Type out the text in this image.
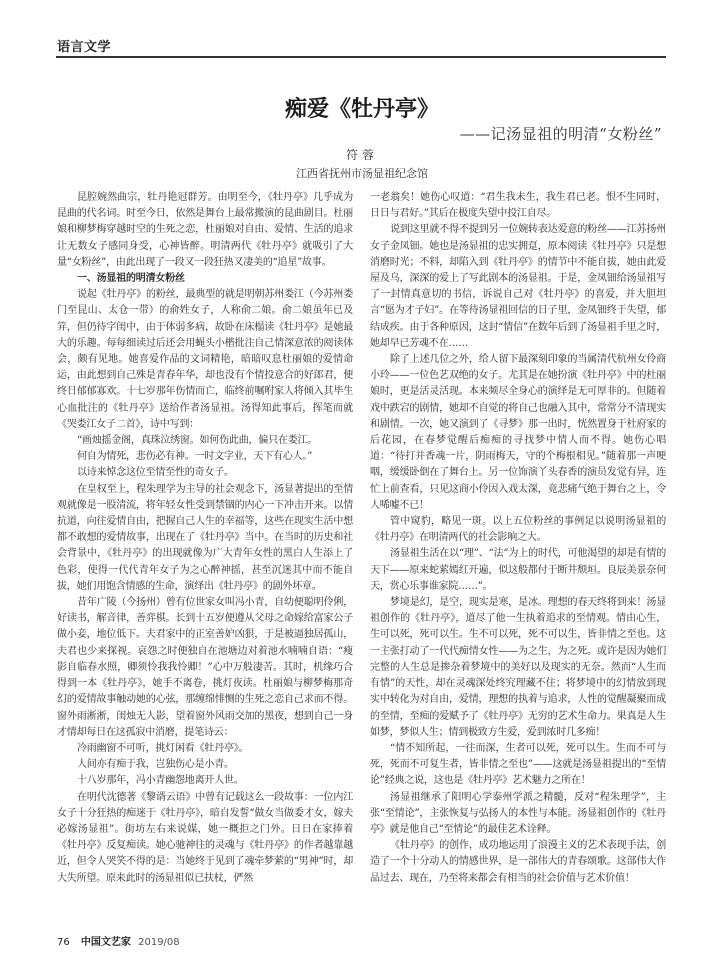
语言文学
痴爱《牡丹亭》
——记汤显祖的明清“女粉丝”
符蓉
江西省抚州市汤显祖纪念馆

昆腔婉然曲宗，牡丹艳冠群芳。由明至今，《牡丹亭》几乎成为昆曲的代名词。时至今日，依然是舞台上最常搬演的昆曲剧目。杜丽娘和柳梦梅穿越时空的生死之恋，杜丽娘对自由、爱情、生活的追求让无数女子感同身受，心神皆醉。明清两代《牡丹亭》就吸引了大量“女粉丝”，由此出现了一段又一段狂热又凄美的“追星”故事。

一、汤显祖的明清女粉丝

说起《牡丹亭》的粉丝，最典型的就是明朝苏州娄江（今苏州娄门至昆山、太仓一带）的俞姓女子，人称俞二娘。俞二娘虽年已及笄，但仍待字闺中，由于体弱多病，故卧在床榻读《牡丹亭》是她最大的乐趣。每每细读过后还会用蝇头小楷批注自己情深意浓的阅读体会，颇有见地。她喜爱作品的文词精艳，暗暗叹息杜丽娘的爱情命运，由此想到自己殊是青春年华，却也没有个情投意合的好郎君，便终日郁郁寡欢。十七岁那年伤情而亡，临终前嘱咐家人将倾入其毕生心血批注的《牡丹亭》送给作者汤显祖。汤得知此事后，挥笔而就《哭娄江女子二首》，诗中写到：

“画烛摇金阁，真珠泣绣窗。如何伤此曲，偏只在娄江。

何自为情死，悲伤必有神。一时文字业，天下有心人。”

以诗来悼念这位至情至性的奇女子。

在皇权至上，程朱理学为主导的社会观念下，汤显著提出的至情观就像是一股清流，将年轻女性受到禁锢的内心一下冲击开来。以情抗道，向往爱情自由，把握自己人生的幸福等，这些在现实生活中想都不敢想的爱情故事，出现在了《牡丹亭》当中。在当时的历史和社会背景中，《牡丹亭》的出现就像为广大青年女性的黑白人生添上了色彩，使得一代代青年女子为之心醉神摇，甚至沉迷其中而不能自拔，她们用饱含情感的生命，演绎出《牡丹亭》的剧外坏章。

昔年广陵（今扬州）曾有位世家女叫冯小青，自幼便聪明伶俐，好读书，解音律，善弈棋。长到十五岁便遵从父母之命嫁给富家公子做小妾，地位低下。夫君家中的正室善妒凶狠，于是被逼独居孤山，夫君也少来探视。哀怨之时便独自在池塘边对着池水喃喃自语：“瘦影自临春水照，卿须怜我我怜卿！”心中万般凄苦。其时，机缘巧合得到一本《牡丹亭》，她手不离卷，挑灯夜读。杜丽娘与柳梦梅那奇幻的爱情故事触动她的心弦，那缠绵悱恻的生死之恋自己求而不得。窗外雨淅淅，闺烛无人影，望着窗外风雨交加的黑夜，想到自己一身才情却每日在这孤寂中消磨，提笔诗云：

冷雨幽窗不可听，挑灯闲看《牡丹亭》。

人间亦有痴于我，岂独伤心是小青。

十八岁那年，冯小青幽怨地离开人世。

在明代沈德著《黎谞云语》中曾有记载这么一段故事：一位内江女子十分狂热的痴迷于《牡丹亭》，暗自发誓“做女当做委才女，嫁夫必嫁汤显祖”。街坊左右来说媒，她一概拒之门外。日日在家捧着《牡丹亭》反复痴读。她心驰神往的灵魂与《牡丹亭》的作者越靠越近，但令人哭笑不得的是：当她终于见到了魂牵梦萦的“男神”时，却大失所望。原来此时的汤显祖似已扶杖，俨然

一老翁矣！她伤心叹道：“君生我未生，我生君已老。恨不生同时，日日与君好。”其后在极度失望中投江自尽。

说到这里就不得不提到另一位婉转表达爱意的粉丝——江苏扬州女子金凤钿。她也是汤显祖的忠实拥趸，原本阅读《牡丹亭》只是想消磨时光；不料，却陷入到《牡丹亭》的情节中不能自拔，她由此爱屋及乌，深深的爱上了写此剧本的汤显祖。于是，金凤钿给汤显祖写了一封情真意切的书信，诉说自己对《牡丹亭》的喜爱，并大胆坦言“愿为才子妇”。在等待汤显祖回信的日子里，金凤钿终于失望，郁结成疾。由于各种原因，这封“情信”在数年后到了汤显祖手里之时，她却早已芳魂不在……

除了上述几位之外，给人留下最深刻印象的当属清代杭州女伶商小玲——一位色艺双绝的女子。尤其是在她扮演《牡丹亭》中的杜丽娘时，更是活灵活现。本来频尽全身心的演绎是无可厚非的。但随着戏中跌宕的剧情，她却不自觉的将自己也融入其中，常常分不清现实和剧情。一次，她又演到了《寻梦》那一出时，恍然置身于杜府家的后花园，在春梦觉醒后痴痴的寻找梦中情人而不得。她伤心唱道：“待打并香魂一片，阴雨梅天，守的个梅根相见。”随着那一声哽咽，缓缓卧倒在了舞台上。另一位饰演丫头春香的演员发觉有异，连忙上前查看，只见这商小伶因入戏太深，竟悲痛气绝于舞台之上，令人唏嘘不已！

管中窥豹，略见一斑。以上五位粉丝的事例足以说明汤显祖的《牡丹亭》在明清两代的社会影响之大。

汤显祖生活在以“理”、“法”为上的时代，可他渴望的却是有情的天下——原来蛇萦嫣红开遍，似这般都付于断井颓垣。良辰美景奈何天，赏心乐事谁家院……”。

梦境是幻，是空，现实是寒，是冰。理想的春天终将到来！汤显祖创作的《牡丹亭》，道尽了他一生执着追求的至情观。情由心生，生可以死，死可以生。生不可以死，死不可以生，皆非情之至也。这一主张打动了一代代痴情女性——为之生，为之死。或许是因为她们完整的人生总是掺杂着梦境中的美好以及现实的无奈。然而“人生而有情”的天性，却在灵魂深处终究理藏不住；将梦境中的幻情放到现实中转化为对自由，爱情，理想的执着与追求，人性的觉醒凝聚而成的至情，至痴的爱赋予了《牡丹亭》无穷的艺术生命力。果真是人生如梦，梦似人生；情到极致方生爱，爱到浓时几多痴！

“情不知所起，一往而深，生者可以死，死可以生。生而不可与死，死而不可复生者，皆非情之至也”——这就是汤显祖提出的“至情论”经典之说，这也是《牡丹亭》艺术魅力之所在！

汤显祖继承了阳明心学泰州学派之精髓，反对“程朱理学”，主张“至情论”，主张恢复与弘扬人的本性与本能。汤显祖创作的《牡丹亭》就是他自己“至情论”的最佳艺术诠释。

《牡丹亭》的创作，成功地运用了浪漫主义的艺术表现手法，创造了一个十分动人的情感世界，是一部伟大的青春颂歌。这部伟大作品过去、现在，乃至将来都会有相当的社会价值与艺术价值！

76 中国文艺家 2019/08
